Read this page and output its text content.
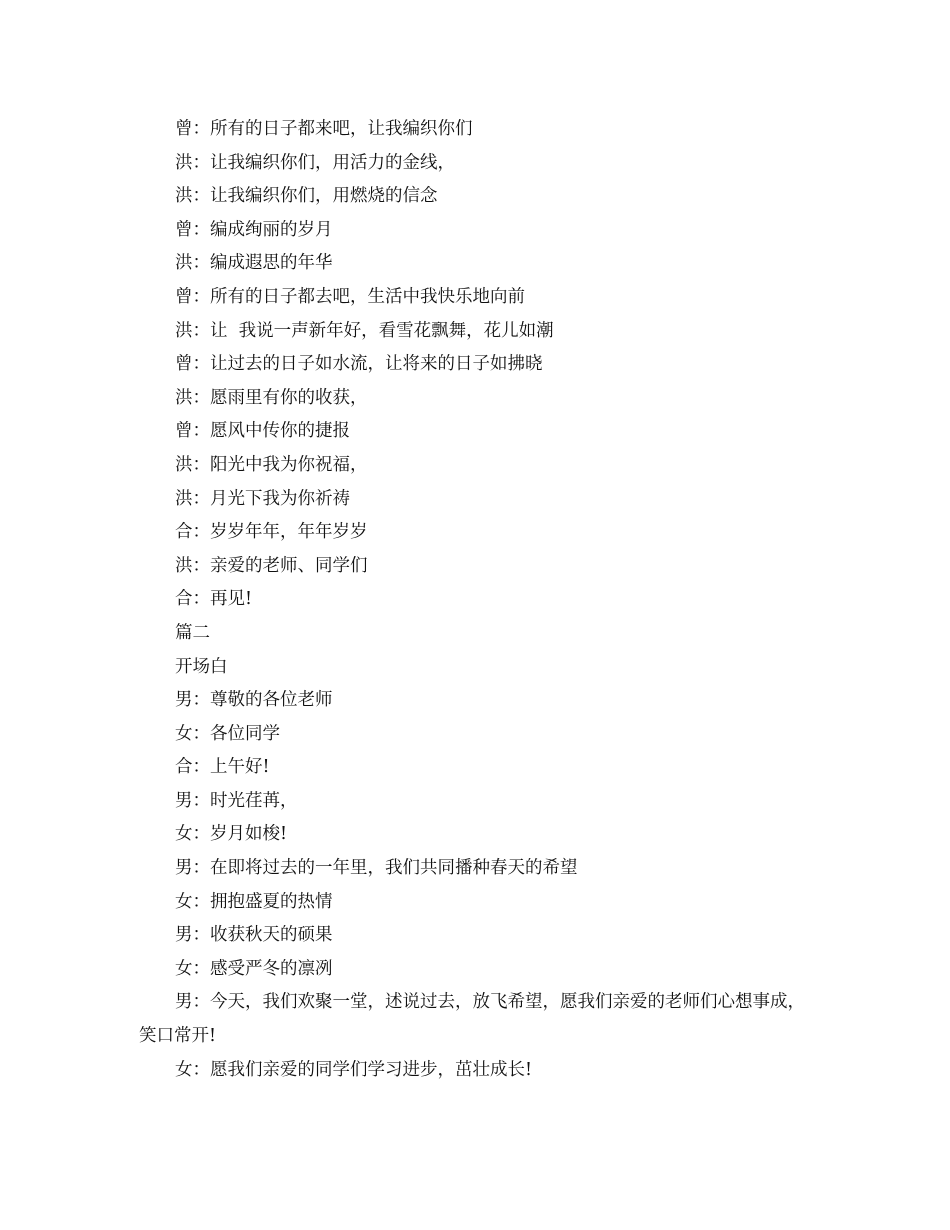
曾：所有的日子都来吧，让我编织你们

洪：让我编织你们，用活力的金线，

洪：让我编织你们，用燃烧的信念

曾：编成绚丽的岁月

洪：编成遐思的年华

曾：所有的日子都去吧，生活中我快乐地向前

洪：让  我说一声新年好，看雪花飘舞，花儿如潮

曾：让过去的日子如水流，让将来的日子如拂晓

洪：愿雨里有你的收获，

曾：愿风中传你的捷报

洪：阳光中我为你祝福，

洪：月光下我为你祈祷

合：岁岁年年，年年岁岁

洪：亲爱的老师、同学们

合：再见!

篇二

开场白

男：尊敬的各位老师

女：各位同学

合：上午好!

男：时光荏苒，

女：岁月如梭!

男：在即将过去的一年里，我们共同播种春天的希望

女：拥抱盛夏的热情

男：收获秋天的硕果

女：感受严冬的凛冽

男：今天，我们欢聚一堂，述说过去，放飞希望，愿我们亲爱的老师们心想事成，笑口常开!

女：愿我们亲爱的同学们学习进步，茁壮成长!
